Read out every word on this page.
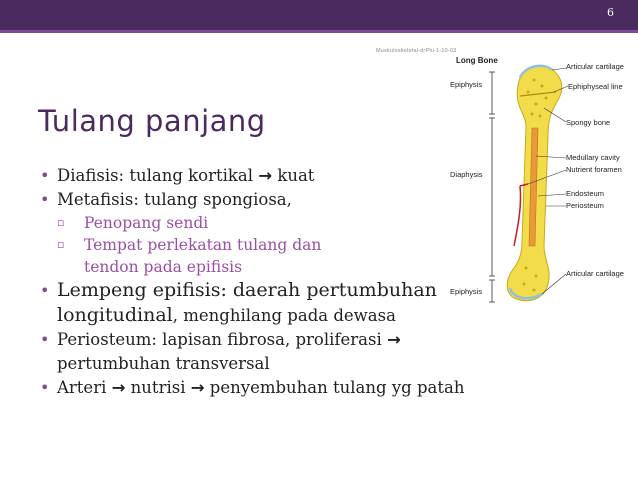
6
Muskuloskeletal-drPhi-1-10-03
Tulang panjang
• Diafisis: tulang kortikal → kuat
• Metafisis: tulang spongiosa,
▫ Penopang sendi
▫ Tempat perlekatan tulang dan
tendon pada epifisis
• Lempeng epifisis: daerah pertumbuhan
longitudinal, menghilang pada dewasa
• Periosteum: lapisan fibrosa, proliferasi →
pertumbuhan transversal
• Arteri → nutrisi → penyembuhan tulang yg patah
Long Bone
Epiphysis
Diaphysis
Epiphysis
Articular cartilage
Ephiphyseal line
Spongy bone
Medullary cavity
Nutrient foramen
Endosteum
Periosteum
Articular cartilage
